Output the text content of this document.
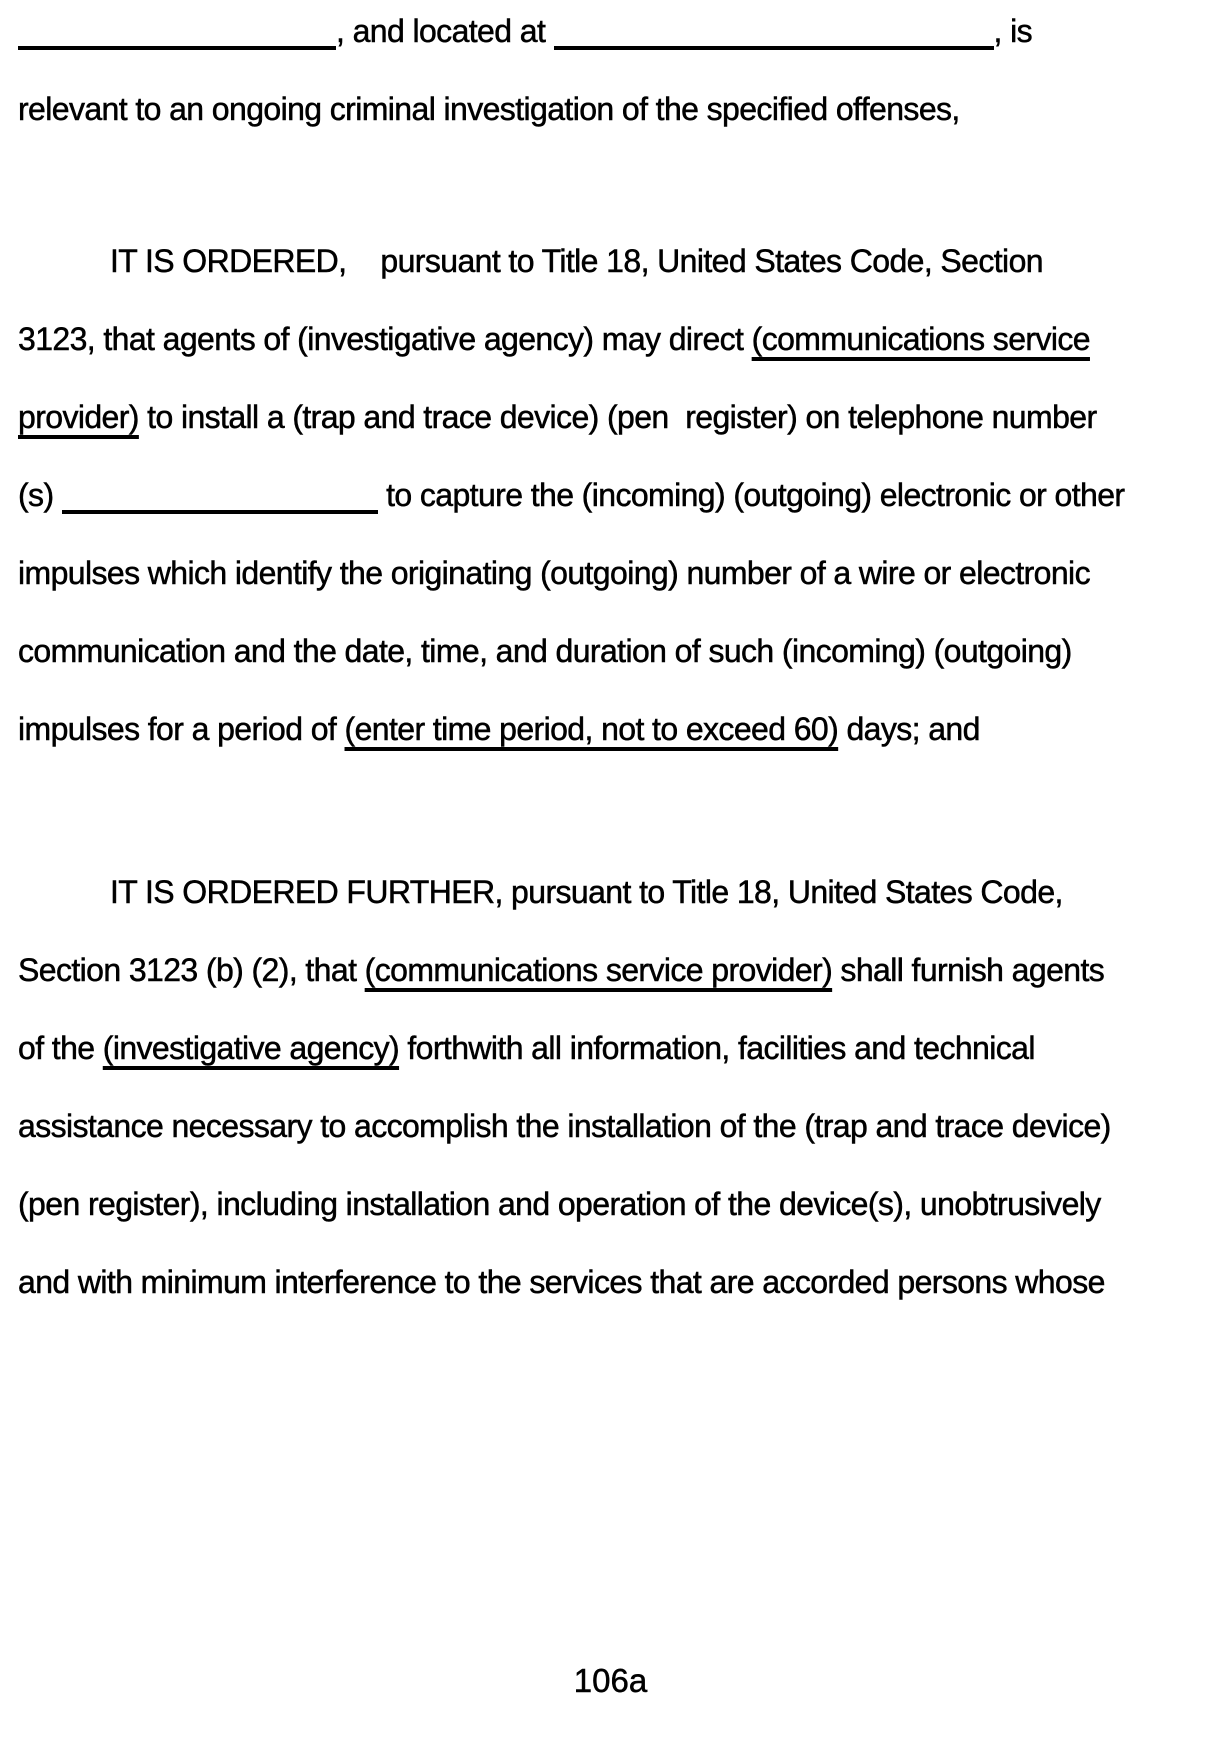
, and located at	, is
relevant to an ongoing criminal investigation of the specified offenses,
IT IS ORDERED, pursuant to Title 18, United States Code, Section
3123, that agents of (investigative agency) may direct (communications service
provider) to install a (trap and trace device) (pen  register) on telephone number
(s)	to capture the (incoming) (outgoing) electronic or other
impulses which identify the originating (outgoing) number of a wire or electronic
communication and the date, time, and duration of such (incoming) (outgoing)
impulses for a period of (enter time period, not to exceed 60) days; and
IT IS ORDERED FURTHER, pursuant to Title 18, United States Code,
Section 3123 (b) (2), that (communications service provider) shall furnish agents
of the (investigative agency) forthwith all information, facilities and technical
assistance necessary to accomplish the installation of the (trap and trace device)
(pen register), including installation and operation of the device(s), unobtrusively
and with minimum interference to the services that are accorded persons whose
106a
